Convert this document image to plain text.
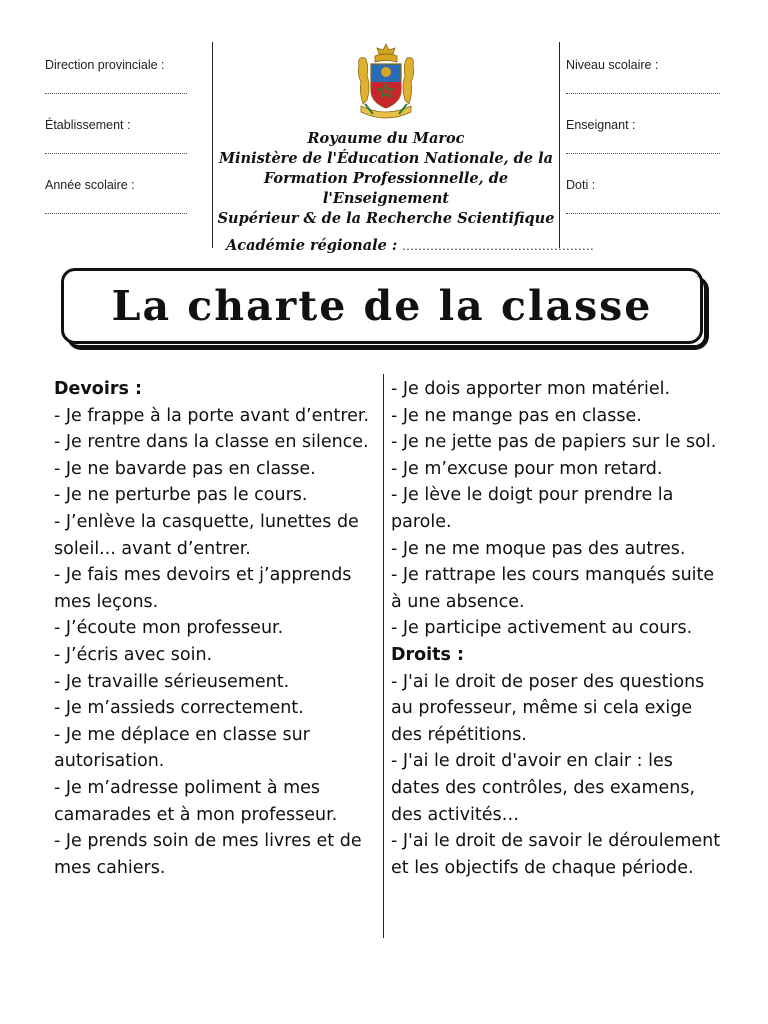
Direction provinciale :
Établissement :
Année scolaire :
Royaume du Maroc
Ministère de l'Éducation Nationale, de la
Formation Professionnelle, de l'Enseignement
Supérieur & de la Recherche Scientifique
Académie régionale : ................................................
Niveau scolaire :
Enseignant :
Doti :
La charte de la classe

Devoirs :

- Je frappe à la porte avant d’entrer.

- Je rentre dans la classe en silence.

- Je ne bavarde pas en classe.

- Je ne perturbe pas le cours.

- J’enlève la casquette, lunettes de soleil... avant d’entrer.

- Je fais mes devoirs et j’apprends mes leçons.

- J’écoute mon professeur.

- J’écris avec soin.

- Je travaille sérieusement.

- Je m’assieds correctement.

- Je me déplace en classe sur autorisation.

- Je m’adresse poliment à mes camarades et à mon professeur.

- Je prends soin de mes livres et de mes cahiers.

- Je dois apporter mon matériel.

- Je ne mange pas en classe.

- Je ne jette pas de papiers sur le sol.

- Je m’excuse pour mon retard.

- Je lève le doigt pour prendre la parole.

- Je ne me moque pas des autres.

- Je rattrape les cours manqués suite à une absence.

- Je participe activement au cours.

Droits :

- J'ai le droit de poser des questions au professeur, même si cela exige des répétitions.

- J'ai le droit d'avoir en clair : les dates des contrôles, des examens, des activités…

- J'ai le droit de savoir le déroulement et les objectifs de chaque période.
